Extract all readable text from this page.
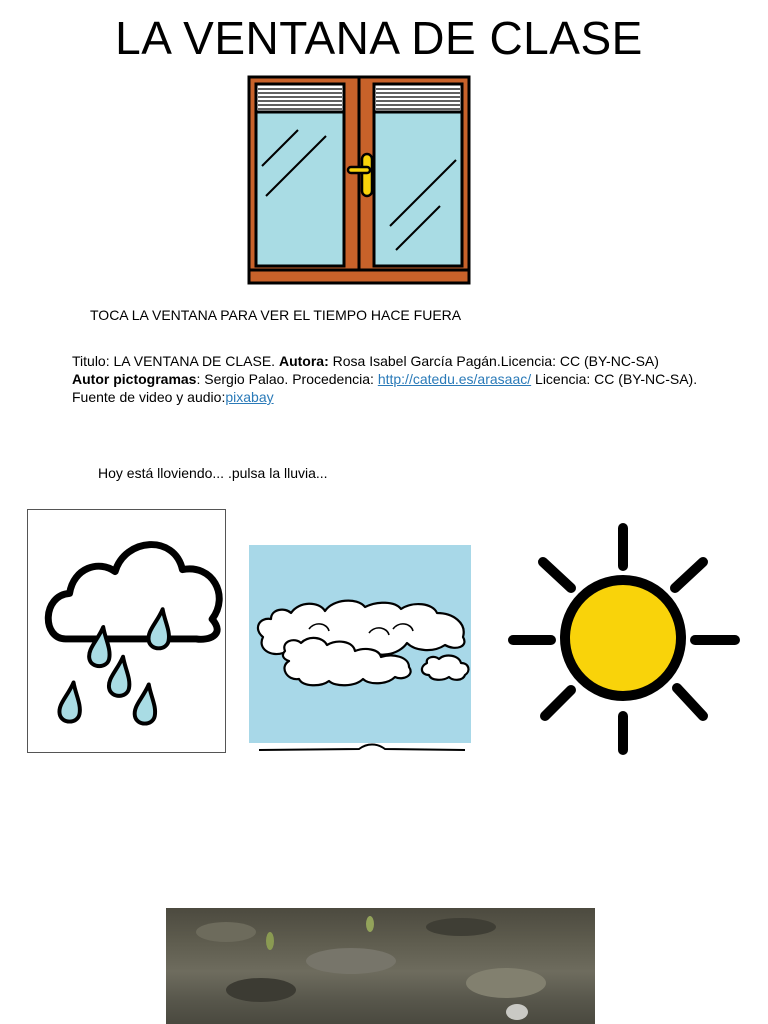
LA VENTANA DE CLASE
TOCA LA VENTANA PARA VER EL TIEMPO HACE FUERA
Titulo: LA VENTANA DE CLASE. Autora: Rosa Isabel García Pagán.Licencia: CC (BY-NC-SA)
Autor pictogramas: Sergio Palao. Procedencia: http://catedu.es/arasaac/ Licencia: CC (BY-NC-SA).
Fuente de video y audio:pixabay
Hoy está lloviendo... .pulsa la lluvia...
